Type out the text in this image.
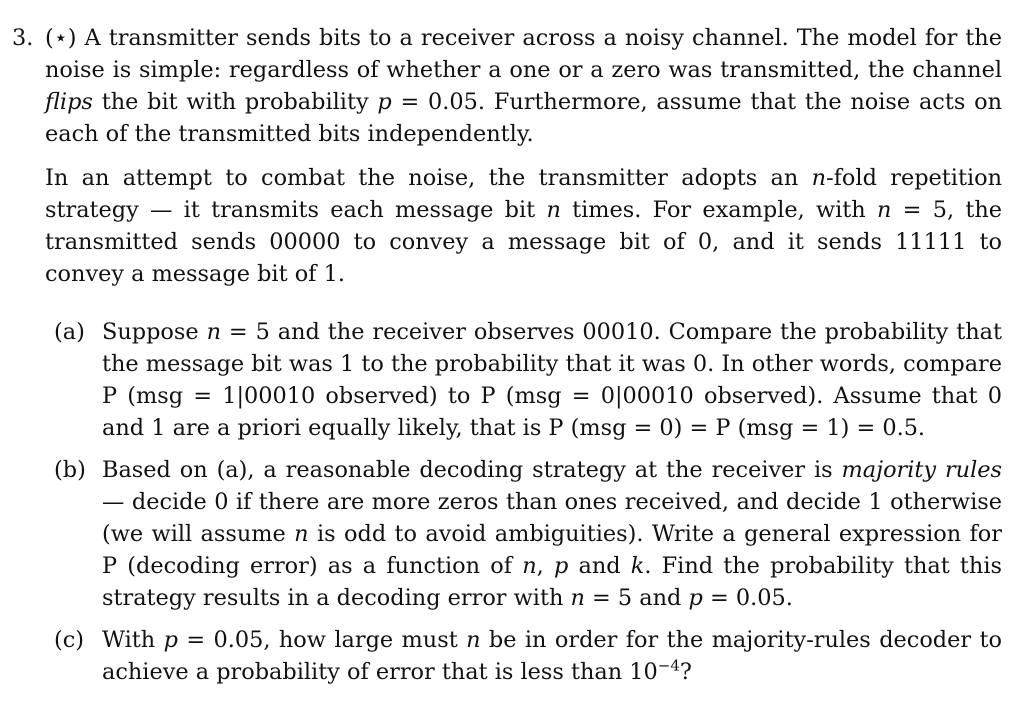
3. (⋆) A transmitter sends bits to a receiver across a noisy channel. The model for the noise is simple: regardless of whether a one or a zero was transmitted, the channel flips the bit with probability p = 0.05. Furthermore, assume that the noise acts on each of the transmitted bits independently.

In an attempt to combat the noise, the transmitter adopts an n-fold repetition strategy — it transmits each message bit n times. For example, with n = 5, the transmitted sends 00000 to convey a message bit of 0, and it sends 11111 to convey a message bit of 1.

(a) Suppose n = 5 and the receiver observes 00010. Compare the probability that the message bit was 1 to the probability that it was 0. In other words, compare P (msg = 1|00010 observed) to P (msg = 0|00010 observed). Assume that 0 and 1 are a priori equally likely, that is P (msg = 0) = P (msg = 1) = 0.5.
(b) Based on (a), a reasonable decoding strategy at the receiver is majority rules — decide 0 if there are more zeros than ones received, and decide 1 otherwise (we will assume n is odd to avoid ambiguities). Write a general expression for P (decoding error) as a function of n, p and k. Find the probability that this strategy results in a decoding error with n = 5 and p = 0.05.
(c) With p = 0.05, how large must n be in order for the majority-rules decoder to achieve a probability of error that is less than $10^{-4}$?
